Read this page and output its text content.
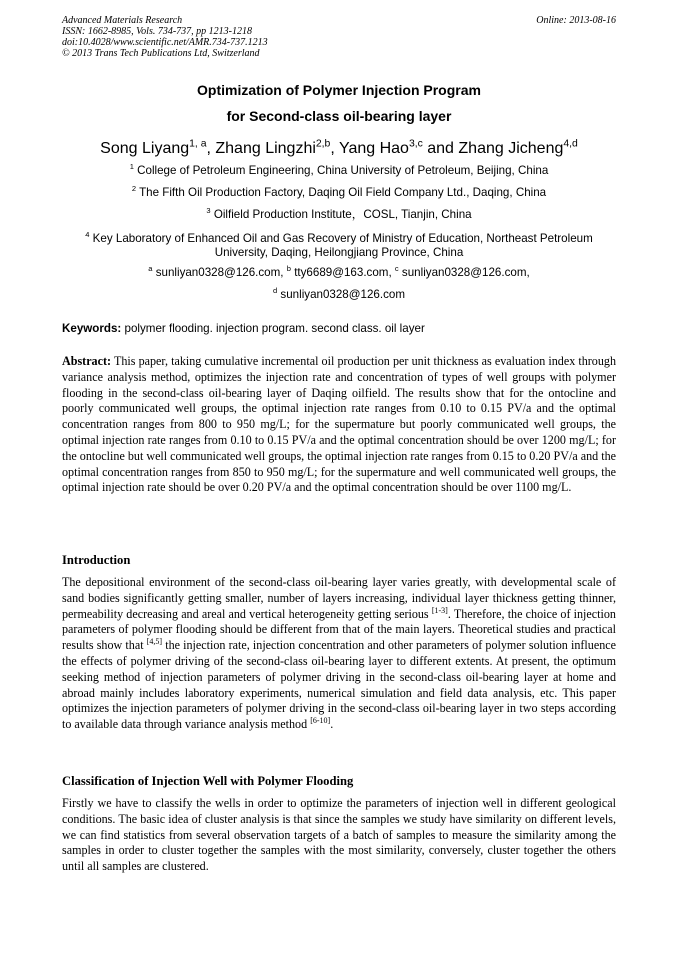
Advanced Materials Research
ISSN: 1662-8985, Vols. 734-737, pp 1213-1218
doi:10.4028/www.scientific.net/AMR.734-737.1213
© 2013 Trans Tech Publications Ltd, Switzerland
Online: 2013-08-16
Optimization of Polymer Injection Program
for Second-class oil-bearing layer
Song Liyang$^{1, a}$, Zhang Lingzhi$^{2,b}$, Yang Hao$^{3,c}$ and Zhang Jicheng$^{4,d}$
$^1$ College of Petroleum Engineering, China University of Petroleum, Beijing, China
$^2$ The Fifth Oil Production Factory, Daqing Oil Field Company Ltd., Daqing, China
$^3$ Oilfield Production Institute，COSL, Tianjin, China
$^4$ Key Laboratory of Enhanced Oil and Gas Recovery of Ministry of Education, Northeast Petroleum University, Daqing, Heilongjiang Province, China
$^a$ sunliyan0328@126.com, $^b$ tty6689@163.com, $^c$ sunliyan0328@126.com,
$^d$ sunliyan0328@126.com
Keywords: polymer flooding. injection program. second class. oil layer
Abstract: This paper, taking cumulative incremental oil production per unit thickness as evaluation index through variance analysis method, optimizes the injection rate and concentration of types of well groups with polymer flooding in the second-class oil-bearing layer of Daqing oilfield. The results show that for the ontocline and poorly communicated well groups, the optimal injection rate ranges from 0.10 to 0.15 PV/a and the optimal concentration ranges from 800 to 950 mg/L; for the supermature but poorly communicated well groups, the optimal injection rate ranges from 0.10 to 0.15 PV/a and the optimal concentration should be over 1200 mg/L; for the ontocline but well communicated well groups, the optimal injection rate ranges from 0.15 to 0.20 PV/a and the optimal concentration ranges from 850 to 950 mg/L; for the supermature and well communicated well groups, the optimal injection rate should be over 0.20 PV/a and the optimal concentration should be over 1100 mg/L.
Introduction
The depositional environment of the second-class oil-bearing layer varies greatly, with developmental scale of sand bodies significantly getting smaller, number of layers increasing, individual layer thickness getting thinner, permeability decreasing and areal and vertical heterogeneity getting serious [1-3]. Therefore, the choice of injection parameters of polymer flooding should be different from that of the main layers. Theoretical studies and practical results show that [4,5] the injection rate, injection concentration and other parameters of polymer solution influence the effects of polymer driving of the second-class oil-bearing layer to different extents. At present, the optimum seeking method of injection parameters of polymer driving in the second-class oil-bearing layer at home and abroad mainly includes laboratory experiments, numerical simulation and field data analysis, etc. This paper optimizes the injection parameters of polymer driving in the second-class oil-bearing layer in two steps according to available data through variance analysis method [6-10].
Classification of Injection Well with Polymer Flooding
Firstly we have to classify the wells in order to optimize the parameters of injection well in different geological conditions. The basic idea of cluster analysis is that since the samples we study have similarity on different levels, we can find statistics from several observation targets of a batch of samples to measure the similarity among the samples in order to cluster together the samples with the most similarity, conversely, cluster together the others until all samples are clustered.
